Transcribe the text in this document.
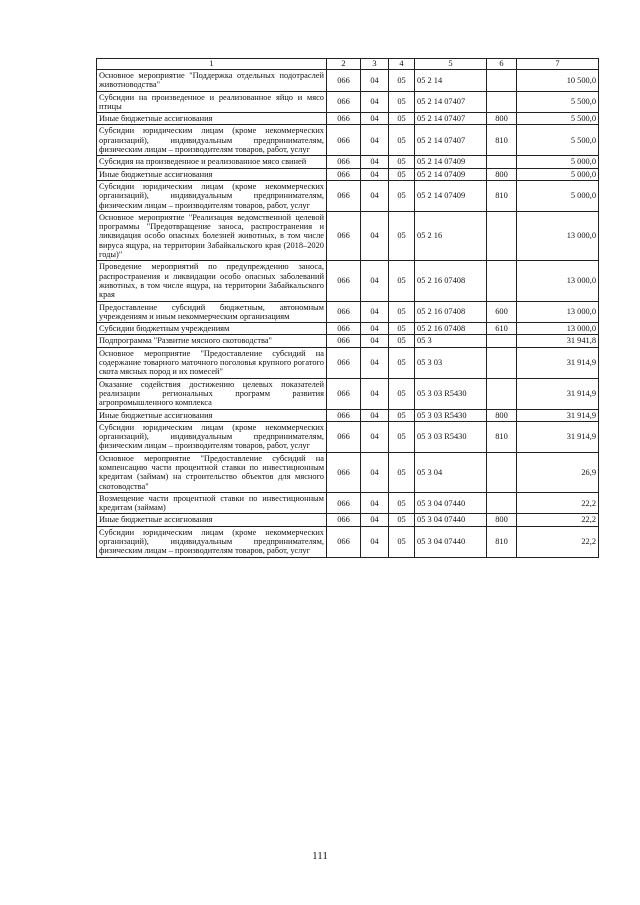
1	2	3	4	5	6	7
Основное мероприятие "Поддержка отдельных подотраслей животноводства"	066	04	05	05 2 14		10 500,0
Субсидии на произведенное и реализованное яйцо и мясо птицы	066	04	05	05 2 14 07407		5 500,0
Иные бюджетные ассигнования	066	04	05	05 2 14 07407	800	5 500,0
Субсидии юридическим лицам (кроме некоммерческих организаций), индивидуальным предпринимателям, физическим лицам – производителям товаров, работ, услуг	066	04	05	05 2 14 07407	810	5 500,0
Субсидия на произведенное и реализованное мясо свиней	066	04	05	05 2 14 07409		5 000,0
Иные бюджетные ассигнования	066	04	05	05 2 14 07409	800	5 000,0
Субсидии юридическим лицам (кроме некоммерческих организаций), индивидуальным предпринимателям, физическим лицам – производителям товаров, работ, услуг	066	04	05	05 2 14 07409	810	5 000,0
Основное мероприятие "Реализация ведомственной целевой программы "Предотвращение заноса, распространения и ликвидация особо опасных болезней животных, в том числе вируса ящура, на территории Забайкальского края (2018–2020 годы)"	066	04	05	05 2 16		13 000,0
Проведение мероприятий по предупреждению заноса, распространения и ликвидации особо опасных заболеваний животных, в том числе ящура, на территории Забайкальского края	066	04	05	05 2 16 07408		13 000,0
Предоставление субсидий бюджетным, автономным учреждениям и иным некоммерческим организациям	066	04	05	05 2 16 07408	600	13 000,0
Субсидии бюджетным учреждениям	066	04	05	05 2 16 07408	610	13 000,0
Подпрограмма "Развитие мясного скотоводства"	066	04	05	05 3		31 941,8
Основное мероприятие "Предоставление субсидий на содержание товарного маточного поголовья крупного рогатого скота мясных пород и их помесей"	066	04	05	05 3 03		31 914,9
Оказание содействия достижению целевых показателей реализации региональных программ развития агропромышленного комплекса	066	04	05	05 3 03 R5430		31 914,9
Иные бюджетные ассигнования	066	04	05	05 3 03 R5430	800	31 914,9
Субсидии юридическим лицам (кроме некоммерческих организаций), индивидуальным предпринимателям, физическим лицам – производителям товаров, работ, услуг	066	04	05	05 3 03 R5430	810	31 914,9
Основное мероприятие "Предоставление субсидий на компенсацию части процентной ставки по инвестиционным кредитам (займам) на строительство объектов для мясного скотоводства"	066	04	05	05 3 04		26,9
Возмещение части процентной ставки по инвестиционным кредитам (займам)	066	04	05	05 3 04 07440		22,2
Иные бюджетные ассигнования	066	04	05	05 3 04 07440	800	22,2
Субсидии юридическим лицам (кроме некоммерческих организаций), индивидуальным предпринимателям, физическим лицам – производителям товаров, работ, услуг	066	04	05	05 3 04 07440	810	22,2
111
